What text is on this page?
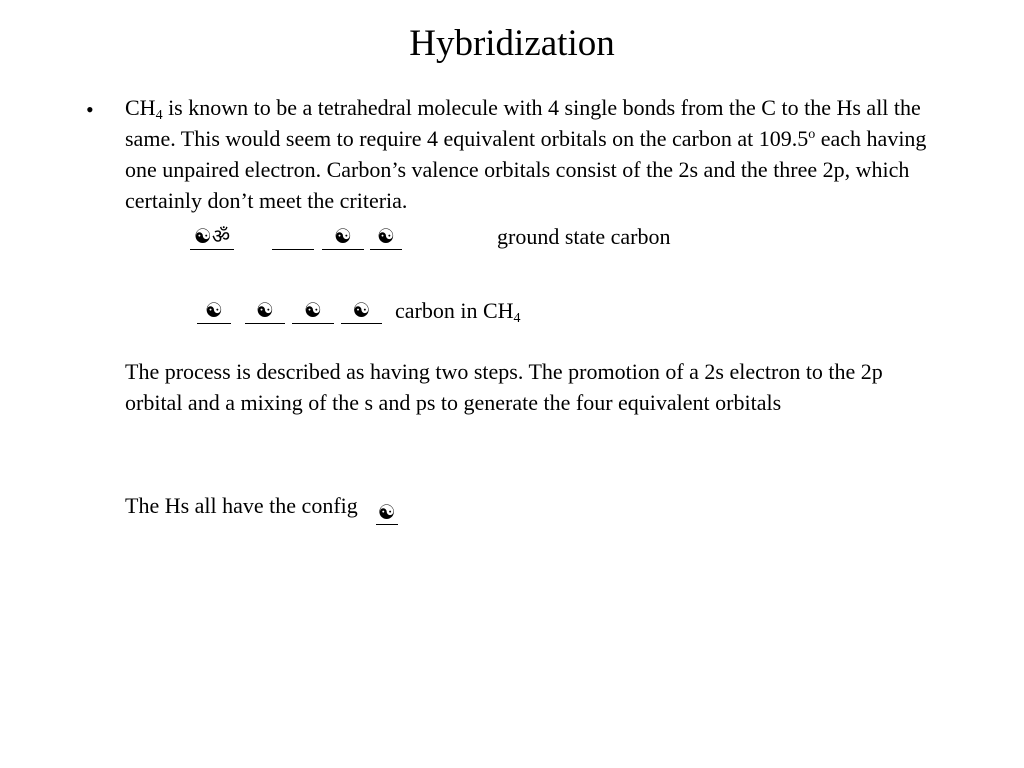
Hybridization
• $CH_4$ is known to be a tetrahedral molecule with 4 single bonds from the C to the Hs all the same. This would seem to require 4 equivalent orbitals on the carbon at 109.5$^o$ each having one unpaired electron. Carbon’s valence orbitals consist of the 2s and the three 2p, which certainly don’t meet the criteria.
☯ॐ	☯	☯	ground state carbon
☯	☯	☯	☯	carbon in $CH_4$
The process is described as having two steps. The promotion of a 2s electron to the 2p orbital and a mixing of the s and ps to generate the four equivalent orbitals
The Hs all have the config ☯
